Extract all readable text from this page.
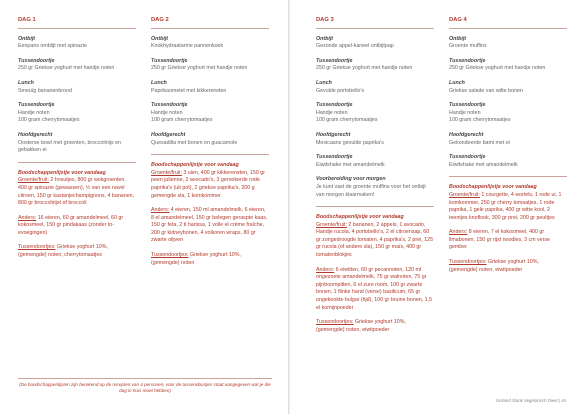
DAG 1
Ontbijt
Eenpans omblijt met spinazie
Tussendoortje
250 gr Griekse yoghurt met handje noten
Lunch
Smeuïg bananenbrood
Tussendoortje
Handje noten
100 gram cherrytomaatjes
Hoofdgerecht
Oosterse bowl met groenten, broccolinijs en gebakken ei
Boodschappenlijstje voor vandaag
Groente/fruit: 2 hosutjes, 800 gr wokgroenten, 400 gr spinazie (gewassen), ½ van een navel citroen, 150 gr kastanjechampignons, 4 bananen, 800 gr broccolirijst of broccoli
Anders: 16 eieren, 60 gr amandelmeel, 60 gr kokosmeel, 150 gr pindakaas (zonder to-evoegingen)
Tussendoortjes: Griekse yoghurt 10%, (gemengde) noten, cherrytomaatjes
DAG 2
Ontbijt
Kookhydraatarme pannenkoek
Tussendoortje
250 gr Griekse yoghurt met handje noten
Lunch
Paprikaomelet met kikkererwten
Tussendoortje
Handje noten
100 gram cherrytomaatjes
Hoofdgerecht
Quesadilla met bonen en guacamole
Boodschappenlijstje voor vandaag
Groente/fruit: 3 uien, 400 gr kikkererwten, 150 gr peen julienne, 2 avocado's, 3 gerookerde rode paprika's (uit pot), 2 griekse paprika's, 200 g gemengde sla, 1 komkommer
Anders: 4 eieren, 150 ml amandelmelk, 6 eieren, 8 el amandelmeel, 150 gr belegen geraspte kaas, 150 gr feta, 2 ti harissa, 1 volle el crème fraîche, 200 gr kidneybonen, 4 volkoren wraps, 80 gr zwarte olijven
Tussendoortjes: Griekse yoghurt 10%, (gemengde) noten
DAG 3
Ontbijt
Gezonde appel-kaneel ontbijtpap
Tussendoortje
250 gr Griekse yoghurt met handje noten
Lunch
Gevulde portobello's
Tussendoortje
Handje noten
100 gram cherrytomaatjes
Hoofdgerecht
Mexicaans gevulde paprika's
Tussendoortje
Eiwitshake met amandelmelk
Voorbereiding voor morgen
Je kunt vast de groente muffins voor het ontbijt van morgen klaarmaken!
Boodschappenlijstje voor vandaag
Groente/fruit: 2 bananen, 2 appels, 1 avocado, Handje rucola, 4 portobello's, 2 el citroensap, 60 gr zongedroogde tomaten, 4 paprika's, 2 prei, 125 gr rucola (of andere sla), 150 gr maïs, 400 gr tomatenblokjes
Anders: 6 eiwitten, 60 gr pecannoten, 120 ml ongezoete amandelmelk, 75 gr walnoten, 75 gr pijnboompitten, 6 el zure room, 100 gr zwarte bonen, 1 flinke hand (verse) basilicum, 65 gr ongekookte bulgar (tijd), 100 gr bruine bonen, 1,5 el komijnpoeder
Tussendoortjes: Griekse yoghurt 10%, (gemengde) noten, eiwitpoeder
DAG 4
Ontbijt
Groente muffins
Tussendoortje
250 gr Griekse yoghurt met handje noten
Lunch
Griekse salade van witte bonen
Tussendoortje
Handje noten
100 gram cherrytomaatjes
Hoofdgerecht
Gekondeerde bami met ei
Tussendoortje
Eiwitshake met amandelmelk
Boodschappenlijstje voor vandaag
Groente/fruit: 1 courgette, 4 wortels, 1 rode ui, 1 komkommer, 250 gr cherry tomaatjes, 1 rode paprika, 1 gele paprika, 400 gr witte kool, 2 teentjes knoflook, 300 gr prei, 200 gr peultjes
Anders: 8 eieren, 7 el kokosmeel, 400 gr limabonen, 150 gr rijst noodles, 3 cm verse gember
Tussendoortjes: Griekse yoghurt 10%, (gemengde) noten, eiwitpoeder
(De boodschappenlijsten zijn berekend op de recepten van 4 personen, voor de tussendoortjes staat aangegeven wat je die dag in huis moet hebben)
Gezond Slank Vegetarisch Dieet | 44
